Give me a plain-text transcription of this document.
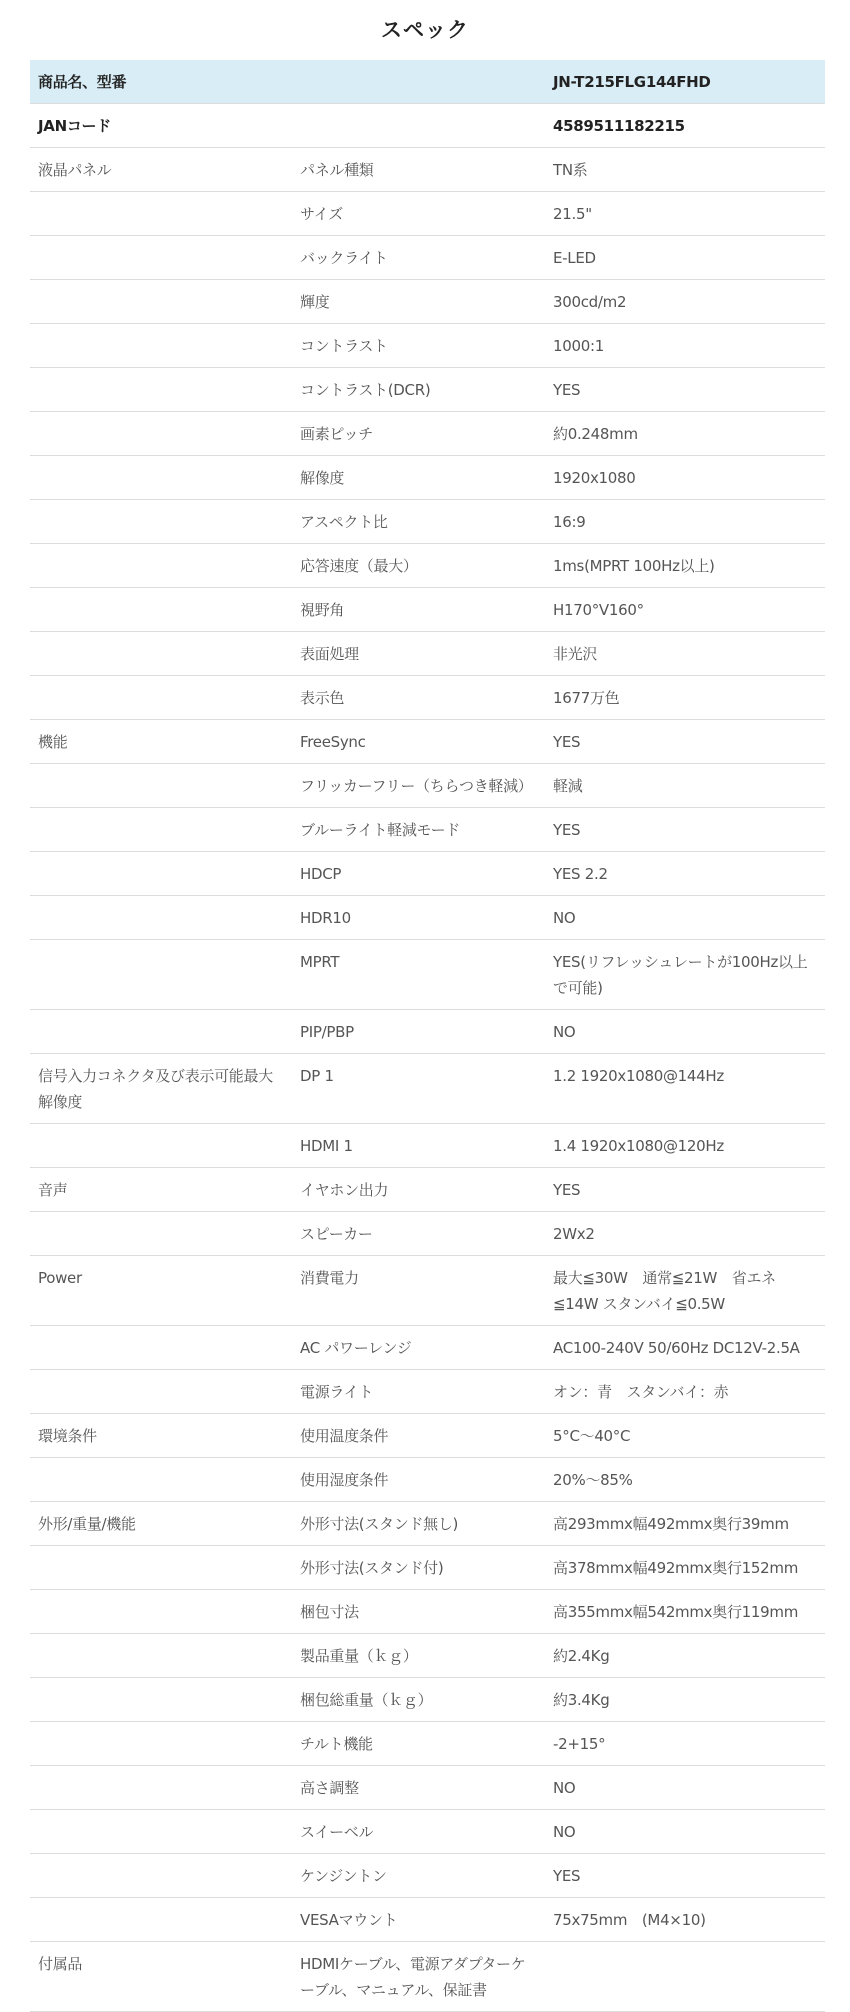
スペック
商品名、型番		JN-T215FLG144FHD
JANコード		4589511182215
液晶パネル	パネル種類	TN系
	サイズ	21.5"
	バックライト	E-LED
	輝度	300cd/m2
	コントラスト	1000:1
	コントラスト(DCR)	YES
	画素ピッチ	約0.248mm
	解像度	1920x1080
	アスペクト比	16:9
	応答速度（最大）	1ms(MPRT 100Hz以上)
	視野角	H170°V160°
	表面処理	非光沢
	表示色	1677万色
機能	FreeSync	YES
	フリッカーフリー（ちらつき軽減）	軽減
	ブルーライト軽減モード	YES
	HDCP	YES 2.2
	HDR10	NO
	MPRT	YES(リフレッシュレートが100Hz以上で可能)
	PIP/PBP	NO
信号入力コネクタ及び表示可能最大解像度	DP 1	1.2 1920x1080@144Hz
	HDMI 1	1.4 1920x1080@120Hz
音声	イヤホン出力	YES
	スピーカー	2Wx2
Power	消費電力	最大≦30W　通常≦21W　省エネ≦14W スタンバイ≦0.5W
	AC パワーレンジ	AC100-240V 50/60Hz DC12V-2.5A
	電源ライト	オン：青　スタンバイ：赤
環境条件	使用温度条件	5°C～40°C
	使用湿度条件	20%～85%
外形/重量/機能	外形寸法(スタンド無し)	高293mmx幅492mmx奥行39mm
	外形寸法(スタンド付)	高378mmx幅492mmx奥行152mm
	梱包寸法	高355mmx幅542mmx奥行119mm
	製品重量（ｋｇ）	約2.4Kg
	梱包総重量（ｋｇ）	約3.4Kg
	チルト機能	-2+15°
	高さ調整	NO
	スイーベル	NO
	ケンジントン	YES
	VESAマウント	75x75mm　(M4×10)
付属品	HDMIケーブル、電源アダプターケーブル、マニュアル、保証書	
